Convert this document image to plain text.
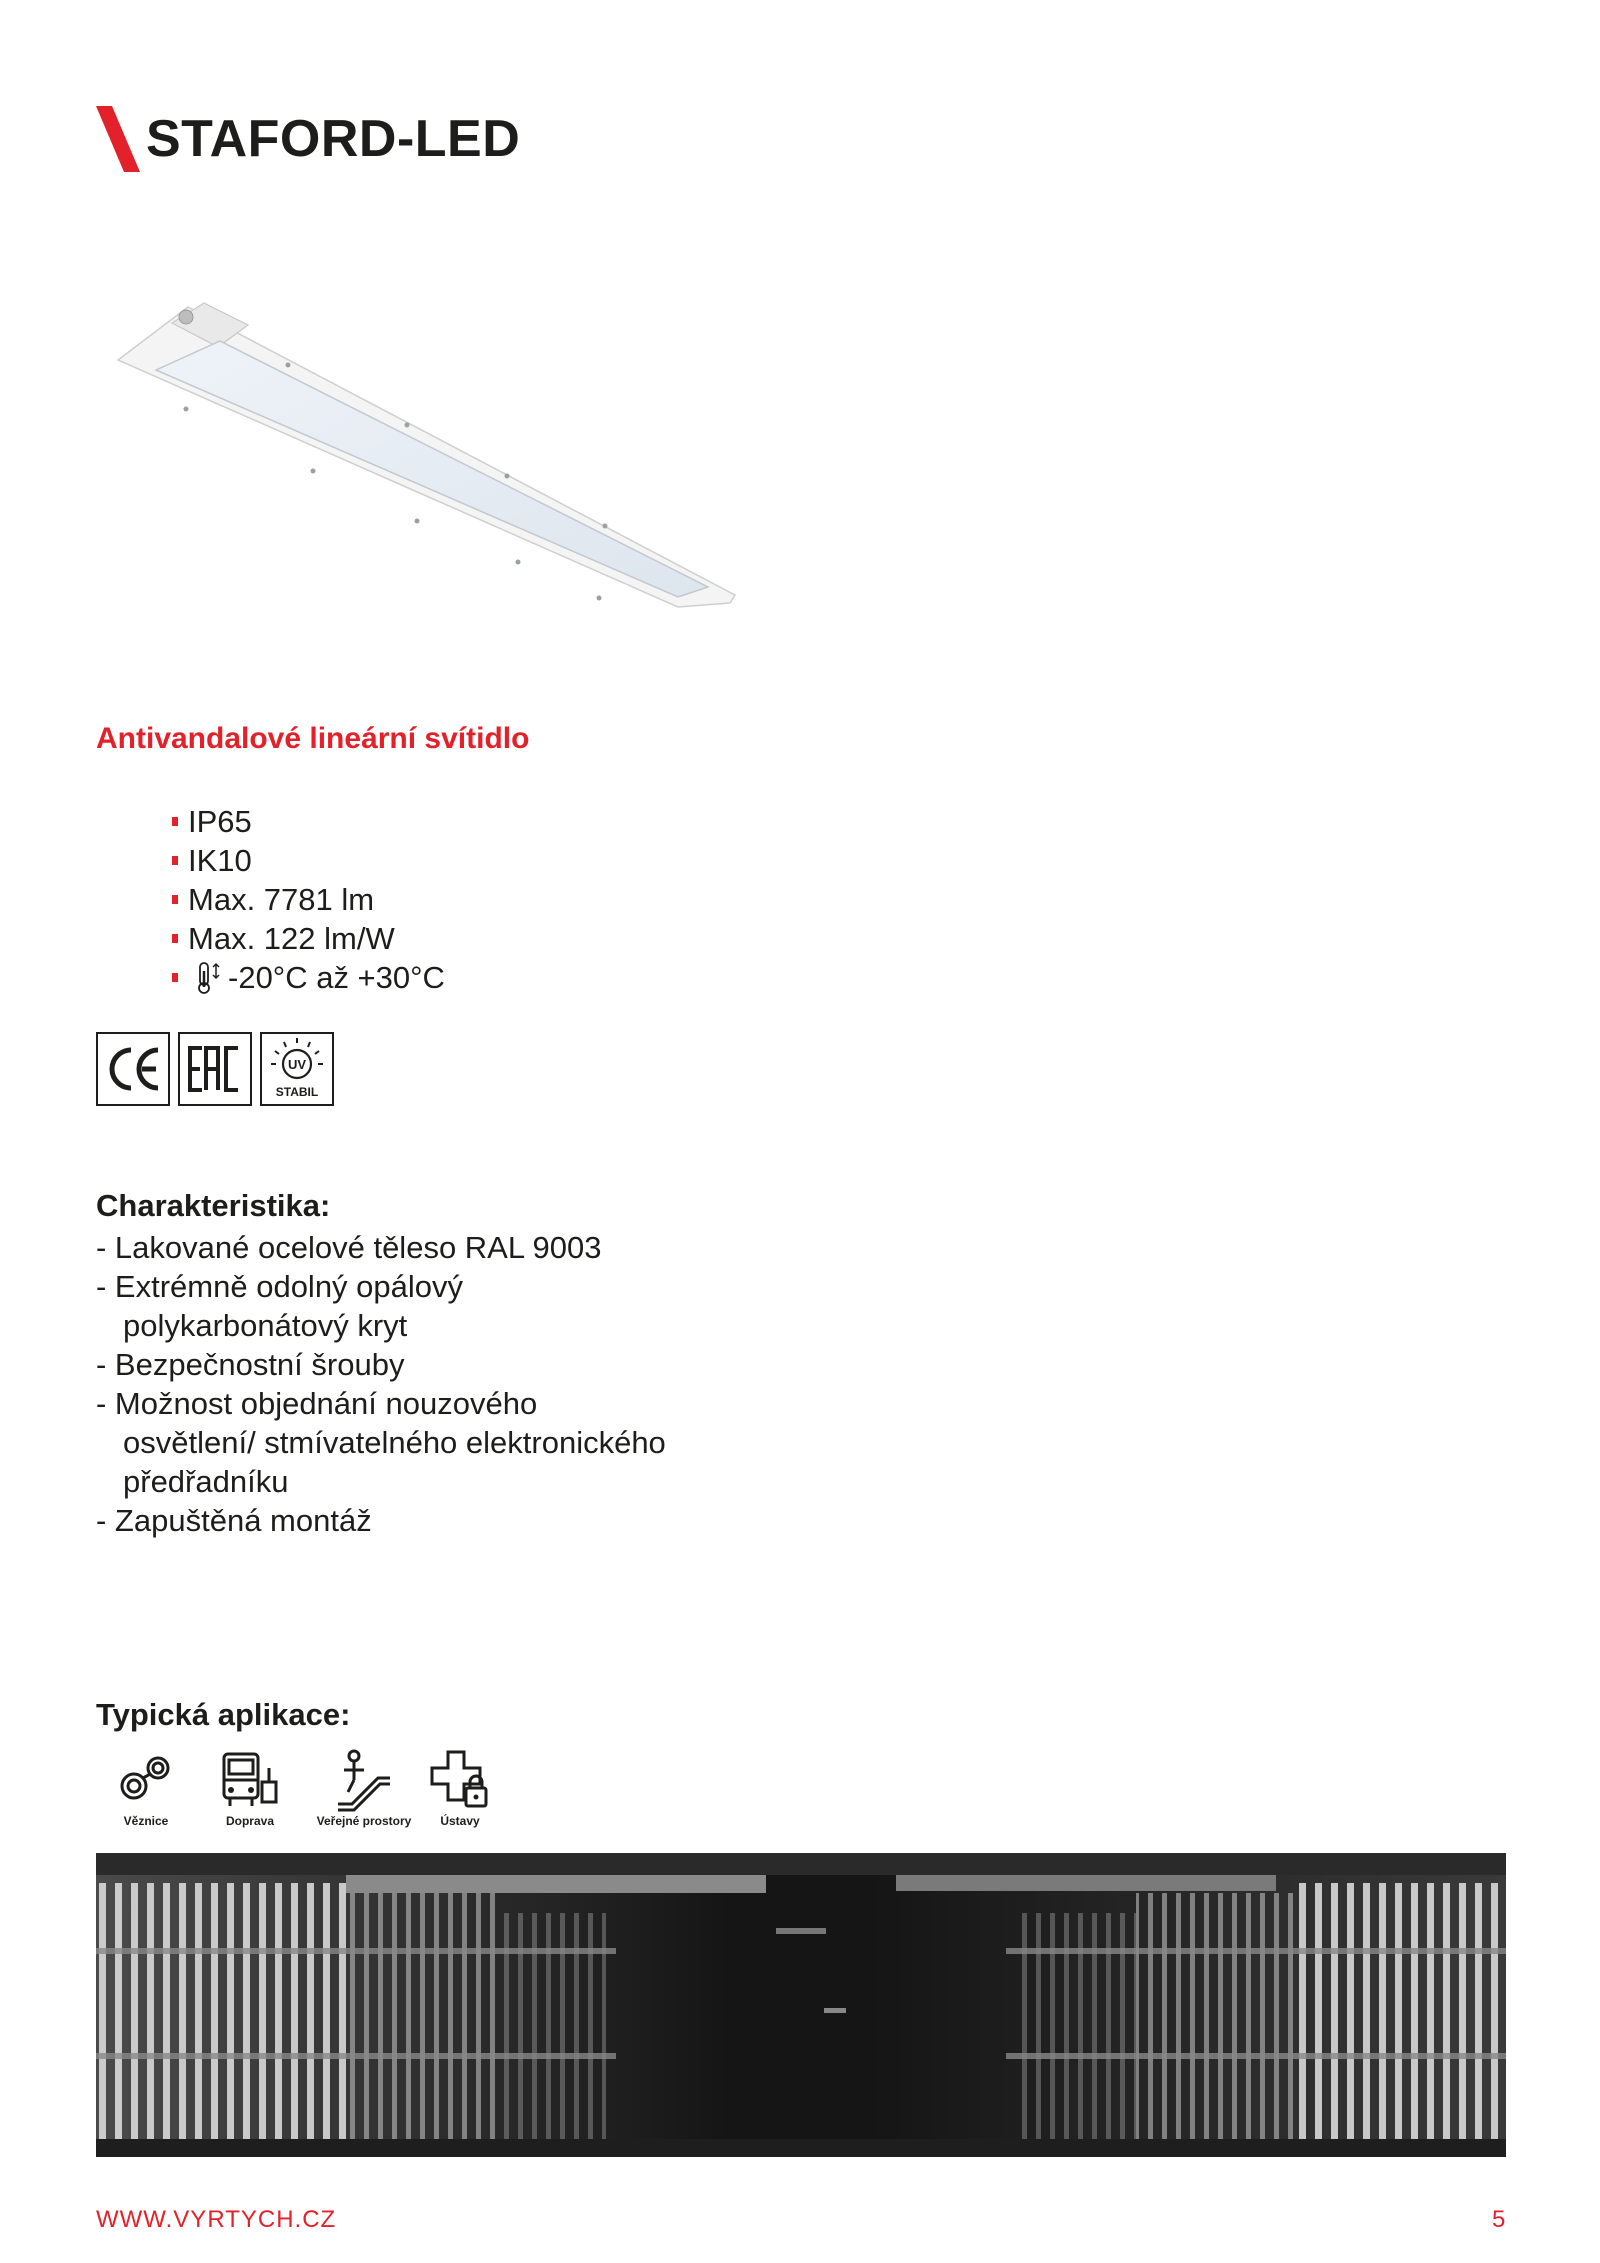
STAFORD-LED
Antivandalové lineární svítidlo
IP65
IK10
Max. 7781 lm
Max. 122 lm/W
-20°C až +30°C
CE	EAC
UV
STABIL
Charakteristika:
- Lakované ocelové těleso RAL 9003
- Extrémně odolný opálový
polykarbonátový kryt
- Bezpečnostní šrouby
- Možnost objednání nouzového
osvětlení/ stmívatelného elektronického
předřadníku
- Zapuštěná montáž
Typická aplikace:
Věznice	Doprava	Veřejné prostory Ústavy
WWW.VYRTYCH.CZ	5
